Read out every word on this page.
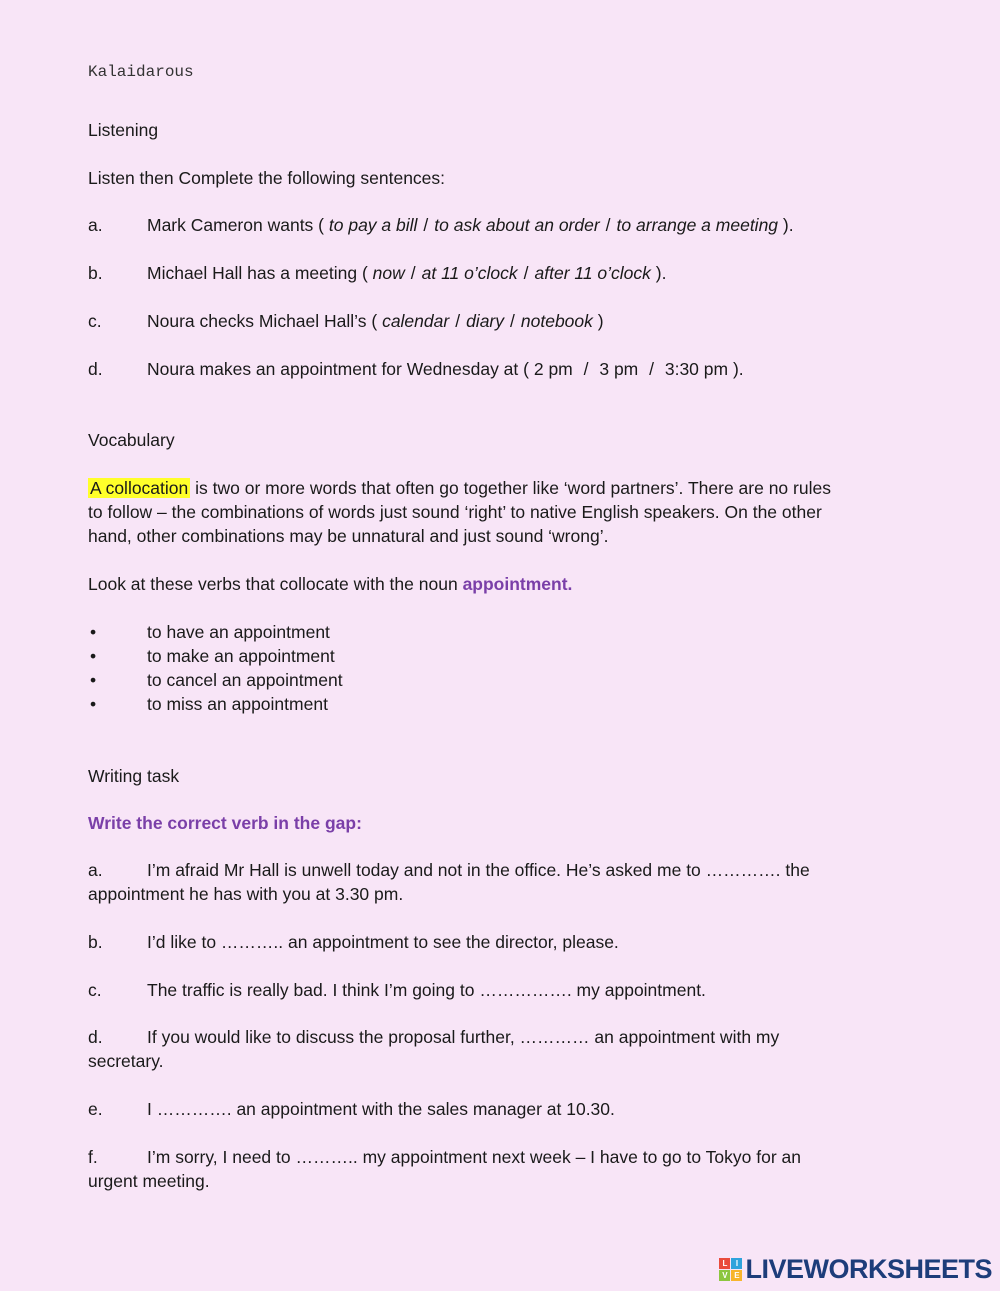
Kalaidarous
Listening
Listen then Complete the following sentences:
a.	Mark Cameron wants ( to pay a bill / to ask about an order / to arrange a meeting ).
b.	Michael Hall has a meeting ( now / at 11 o’clock / after 11 o’clock ).
c.	Noura checks Michael Hall’s ( calendar / diary / notebook )
d.	Noura makes an appointment for Wednesday at ( 2 pm / 3 pm / 3:30 pm ).
Vocabulary
A collocation is two or more words that often go together like ‘word partners’. There are no rules
to follow – the combinations of words just sound ‘right’ to native English speakers. On the other
hand, other combinations may be unnatural and just sound ‘wrong’.
Look at these verbs that collocate with the noun appointment.
•	to have an appointment
•	to make an appointment
•	to cancel an appointment
•	to miss an appointment
Writing task
Write the correct verb in the gap:
a.	I’m afraid Mr Hall is unwell today and not in the office. He’s asked me to …………. the
appointment he has with you at 3.30 pm.
b.	I’d like to ……….. an appointment to see the director, please.
c.	The traffic is really bad. I think I’m going to ……………. my appointment.
d.	If you would like to discuss the proposal further, ………… an appointment with my
secretary.
e.	I …………. an appointment with the sales manager at 10.30.
f.	I’m sorry, I need to ……….. my appointment next week – I have to go to Tokyo for an
urgent meeting.
L	I
V E LIVEWORKSHEETS
